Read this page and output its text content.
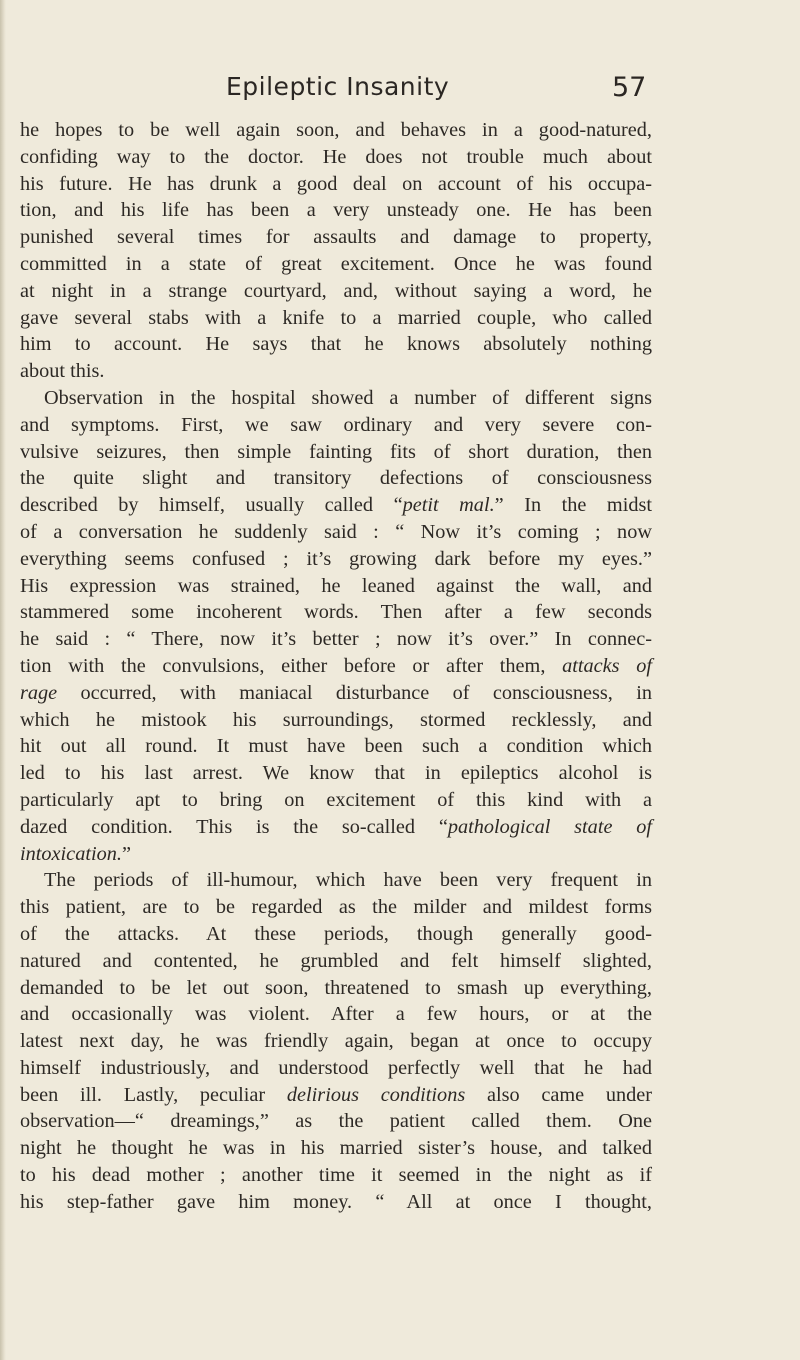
Epileptic Insanity	57
he hopes to be well again soon, and behaves in a good-natured,
confiding way to the doctor. He does not trouble much about
his future. He has drunk a good deal on account of his occupa-
tion, and his life has been a very unsteady one. He has been
punished several times for assaults and damage to property,
committed in a state of great excitement. Once he was found
at night in a strange courtyard, and, without saying a word, he
gave several stabs with a knife to a married couple, who called
him to account. He says that he knows absolutely nothing
about this.
Observation in the hospital showed a number of different signs
and symptoms. First, we saw ordinary and very severe con-
vulsive seizures, then simple fainting fits of short duration, then
the quite slight and transitory defections of consciousness
described by himself, usually called “petit mal.” In the midst
of a conversation he suddenly said : “ Now it’s coming ; now
everything seems confused ; it’s growing dark before my eyes.”
His expression was strained, he leaned against the wall, and
stammered some incoherent words. Then after a few seconds
he said : “ There, now it’s better ; now it’s over.” In connec-
tion with the convulsions, either before or after them, attacks of
rage occurred, with maniacal disturbance of consciousness, in
which he mistook his surroundings, stormed recklessly, and
hit out all round. It must have been such a condition which
led to his last arrest. We know that in epileptics alcohol is
particularly apt to bring on excitement of this kind with a
dazed condition. This is the so-called “pathological state of
intoxication.”
The periods of ill-humour, which have been very frequent in
this patient, are to be regarded as the milder and mildest forms
of the attacks. At these periods, though generally good-
natured and contented, he grumbled and felt himself slighted,
demanded to be let out soon, threatened to smash up everything,
and occasionally was violent. After a few hours, or at the
latest next day, he was friendly again, began at once to occupy
himself industriously, and understood perfectly well that he had
been ill. Lastly, peculiar delirious conditions also came under
observation—“ dreamings,” as the patient called them. One
night he thought he was in his married sister’s house, and talked
to his dead mother ; another time it seemed in the night as if
his step-father gave him money. “ All at once I thought,
